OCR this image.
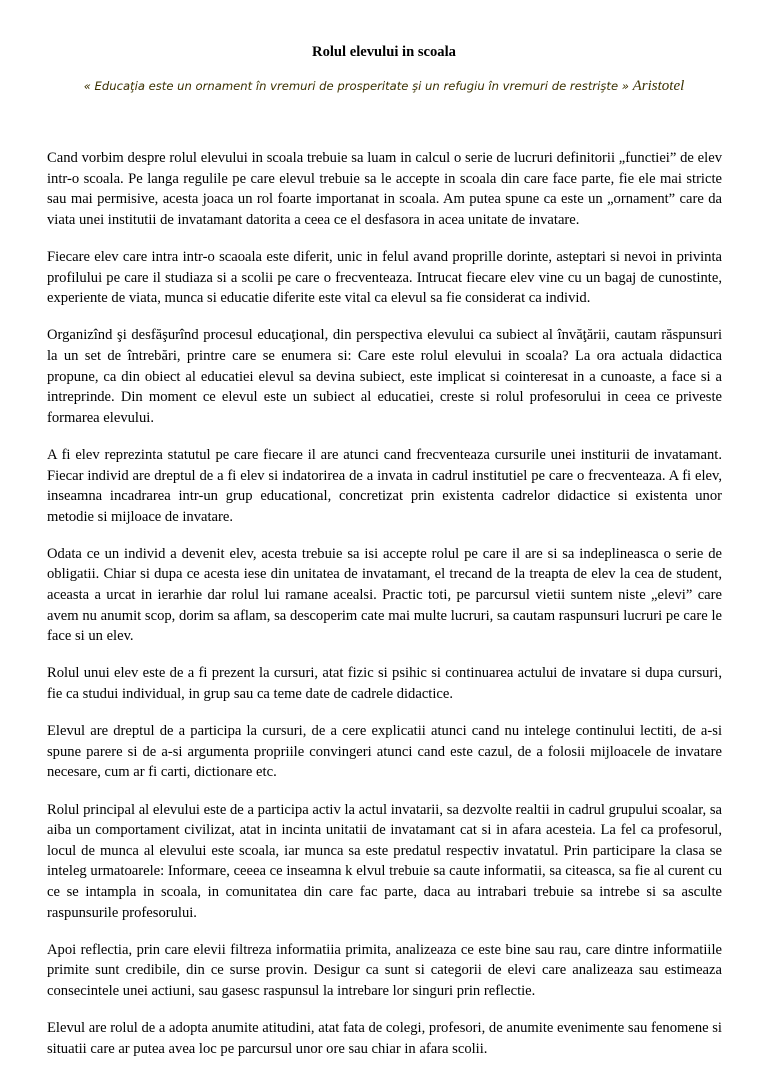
Rolul elevului in scoala
« Educaţia este un ornament în vremuri de prosperitate şi un refugiu în vremuri de restrişte » Aristotel

Cand vorbim despre rolul elevului in scoala trebuie sa luam in calcul o serie de lucruri definitorii „functiei” de elev intr-o scoala. Pe langa regulile pe care elevul trebuie sa le accepte in scoala din care face parte, fie ele mai stricte sau mai permisive, acesta joaca un rol foarte importanat in scoala. Am putea spune ca este un „ornament” care da viata unei institutii de invatamant datorita a ceea ce el desfasora in acea unitate de invatare.

Fiecare elev care intra intr-o scaoala este diferit, unic in felul avand proprille dorinte, asteptari si nevoi in privinta profilului pe care il studiaza si a scolii pe care o frecventeaza. Intrucat fiecare elev vine cu un bagaj de cunostinte, experiente de viata, munca si educatie diferite este vital ca elevul sa fie considerat ca individ.

Organizînd şi desfăşurînd procesul educaţional, din perspectiva elevului ca subiect al învăţării, cautam răspunsuri la un set de întrebări, printre care se enumera si: Care este rolul elevului in scoala? La ora actuala didactica propune, ca din obiect al educatiei elevul sa devina subiect, este implicat si cointeresat in a cunoaste, a face si a intreprinde. Din moment ce elevul este un subiect al educatiei, creste si rolul profesorului in ceea ce priveste formarea elevului.

A fi elev reprezinta statutul pe care fiecare il are atunci cand frecventeaza cursurile unei institurii de invatamant. Fiecar individ are dreptul de a fi elev si indatorirea de a invata in cadrul institutiel pe care o frecventeaza. A fi elev, inseamna incadrarea intr-un grup educational, concretizat prin existenta cadrelor didactice si existenta unor metodie si mijloace de invatare.

Odata ce un individ a devenit elev, acesta trebuie sa isi accepte rolul pe care il are si sa indeplineasca o serie de obligatii. Chiar si dupa ce acesta iese din unitatea de invatamant, el trecand de la treapta de elev la cea de student, aceasta a urcat in ierarhie dar rolul lui ramane acealsi. Practic toti, pe parcursul vietii suntem niste „elevi” care avem nu anumit scop, dorim sa aflam, sa descoperim cate mai multe lucruri, sa cautam raspunsuri lucruri pe care le face si un elev.

Rolul unui elev este de a fi prezent la cursuri, atat fizic si psihic si continuarea actului de invatare si dupa cursuri, fie ca studui individual, in grup sau ca teme date de cadrele didactice.

Elevul are dreptul de a participa la cursuri, de a cere explicatii atunci cand nu intelege continului lectiti, de a-si spune parere si de a-si argumenta propriile convingeri atunci cand este cazul, de a folosii mijloacele de invatare necesare, cum ar fi carti, dictionare etc.

Rolul principal al elevului este de a participa activ la actul invatarii, sa dezvolte realtii in cadrul grupului scoalar, sa aiba un comportament civilizat, atat in incinta unitatii de invatamant cat si in afara acesteia. La fel ca profesorul, locul de munca al elevului este scoala, iar munca sa este predatul respectiv invatatul. Prin participare la clasa se inteleg urmatoarele: Informare, ceeea ce inseamna k elvul trebuie sa caute informatii, sa citeasca, sa fie al curent cu ce se intampla in scoala, in comunitatea din care fac parte, daca au intrabari trebuie sa intrebe si sa asculte raspunsurile profesorului.

Apoi reflectia, prin care elevii filtreza informatiia primita, analizeaza ce este bine sau rau, care dintre informatiile primite sunt credibile, din ce surse provin. Desigur ca sunt si categorii de elevi care analizeaza sau estimeaza consecintele unei actiuni, sau gasesc raspunsul la intrebare lor singuri prin reflectie.

Elevul are rolul de a adopta anumite atitudini, atat fata de colegi, profesori, de anumite evenimente sau fenomene si situatii care ar putea avea loc pe parcursul unor ore sau chiar in afara scolii.
